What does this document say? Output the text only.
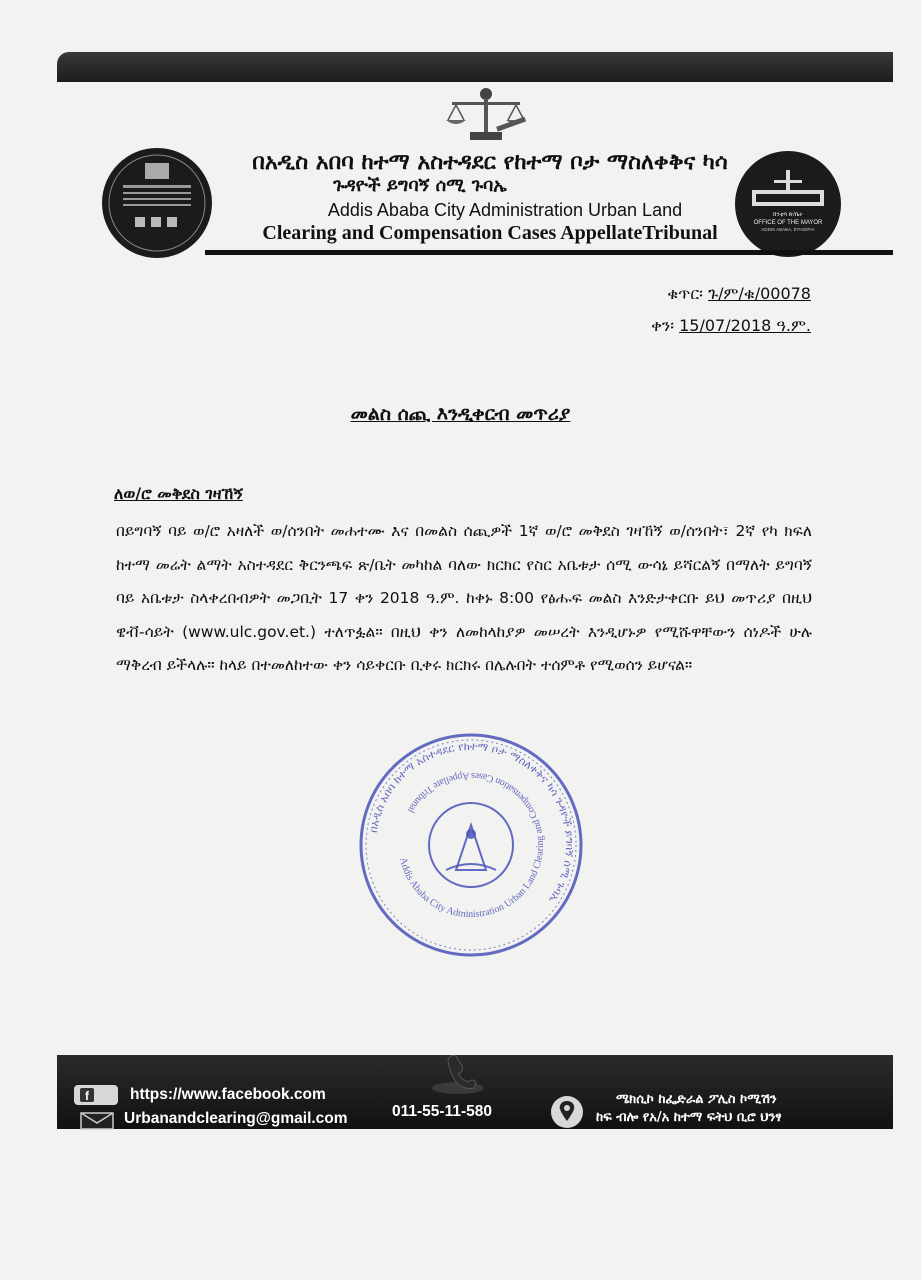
ከንቲባ ጽ/ቤት
OFFICE OF THE MAYOR
ADDIS ABABA, ETHIOPIA
በአዲስ አበባ ከተማ አስተዳደር የከተማ ቦታ ማስለቀቅና ካሳ
ጉዳዮች ይግባኝ ሰሚ ጉባኤ
Addis Ababa City Administration Urban Land
Clearing and Compensation Cases AppellateTribunal
ቁጥር፡ ጉ/ም/ቁ/00078
ቀን፡ 15/07/2018 ዓ.ም.
መልስ ሰጪ እንዲቀርብ መጥሪያ
ለወ/ሮ መቅደስ ገዛኸኝ
በይግባኝ ባይ ወ/ሮ አዛለች ወ/ሰንበት መሐተሙ እና በመልስ ሰጪዎች 1ኛ ወ/ሮ መቅደስ ገዛኸኝ ወ/ሰንበት፣ 2ኛ የካ ክፍለ ከተማ መሬት ልማት አስተዳደር ቅርንጫፍ ጽ/ቤት መካከል ባለው ክርክር የስር አቤቱታ ሰሚ ውሳኔ ይሻርልኝ በማለት ይግባኝ ባይ አቤቱታ ስላቀረበብዎት መጋቢት 17 ቀን 2018 ዓ.ም. ከቀኑ 8:00 የፅሑፍ መልስ እንድታቀርቡ ይህ መጥሪያ በዚህ ዌቭ-ሳይት (www.ulc.gov.et.) ተለጥፏል። በዚህ ቀን ለመከላከያዎ መሠረት እንዲሆኑዎ የሚሹዋቸውን ሰነዶች ሁሉ ማቅረብ ይችላሉ። ከላይ በተመለከተው ቀን ሳይቀርቡ ቢቀሩ ክርክሩ በሌሉበት ተሰምቶ የሚወሰን ይሆናል።
በአዲስ አበባ ከተማ አስተዳደር የከተማ ቦታ ማስለቀቅና ካሳ ጉዳዮች ይግባኝ ሰሚ ጉባኤ
Addis Ababa City Administration Urban Land Clearing and Compensation Cases Appellate Tribunal
f	https://www.facebook.com
Urbanandclearing@gmail.com	011-55-11-580
ሜክሲኮ ከፌድራል ፖሊስ ኮሚሽን
ከፍ ብሎ የአ/አ ከተማ ፍትህ ቢሮ ህንፃ
